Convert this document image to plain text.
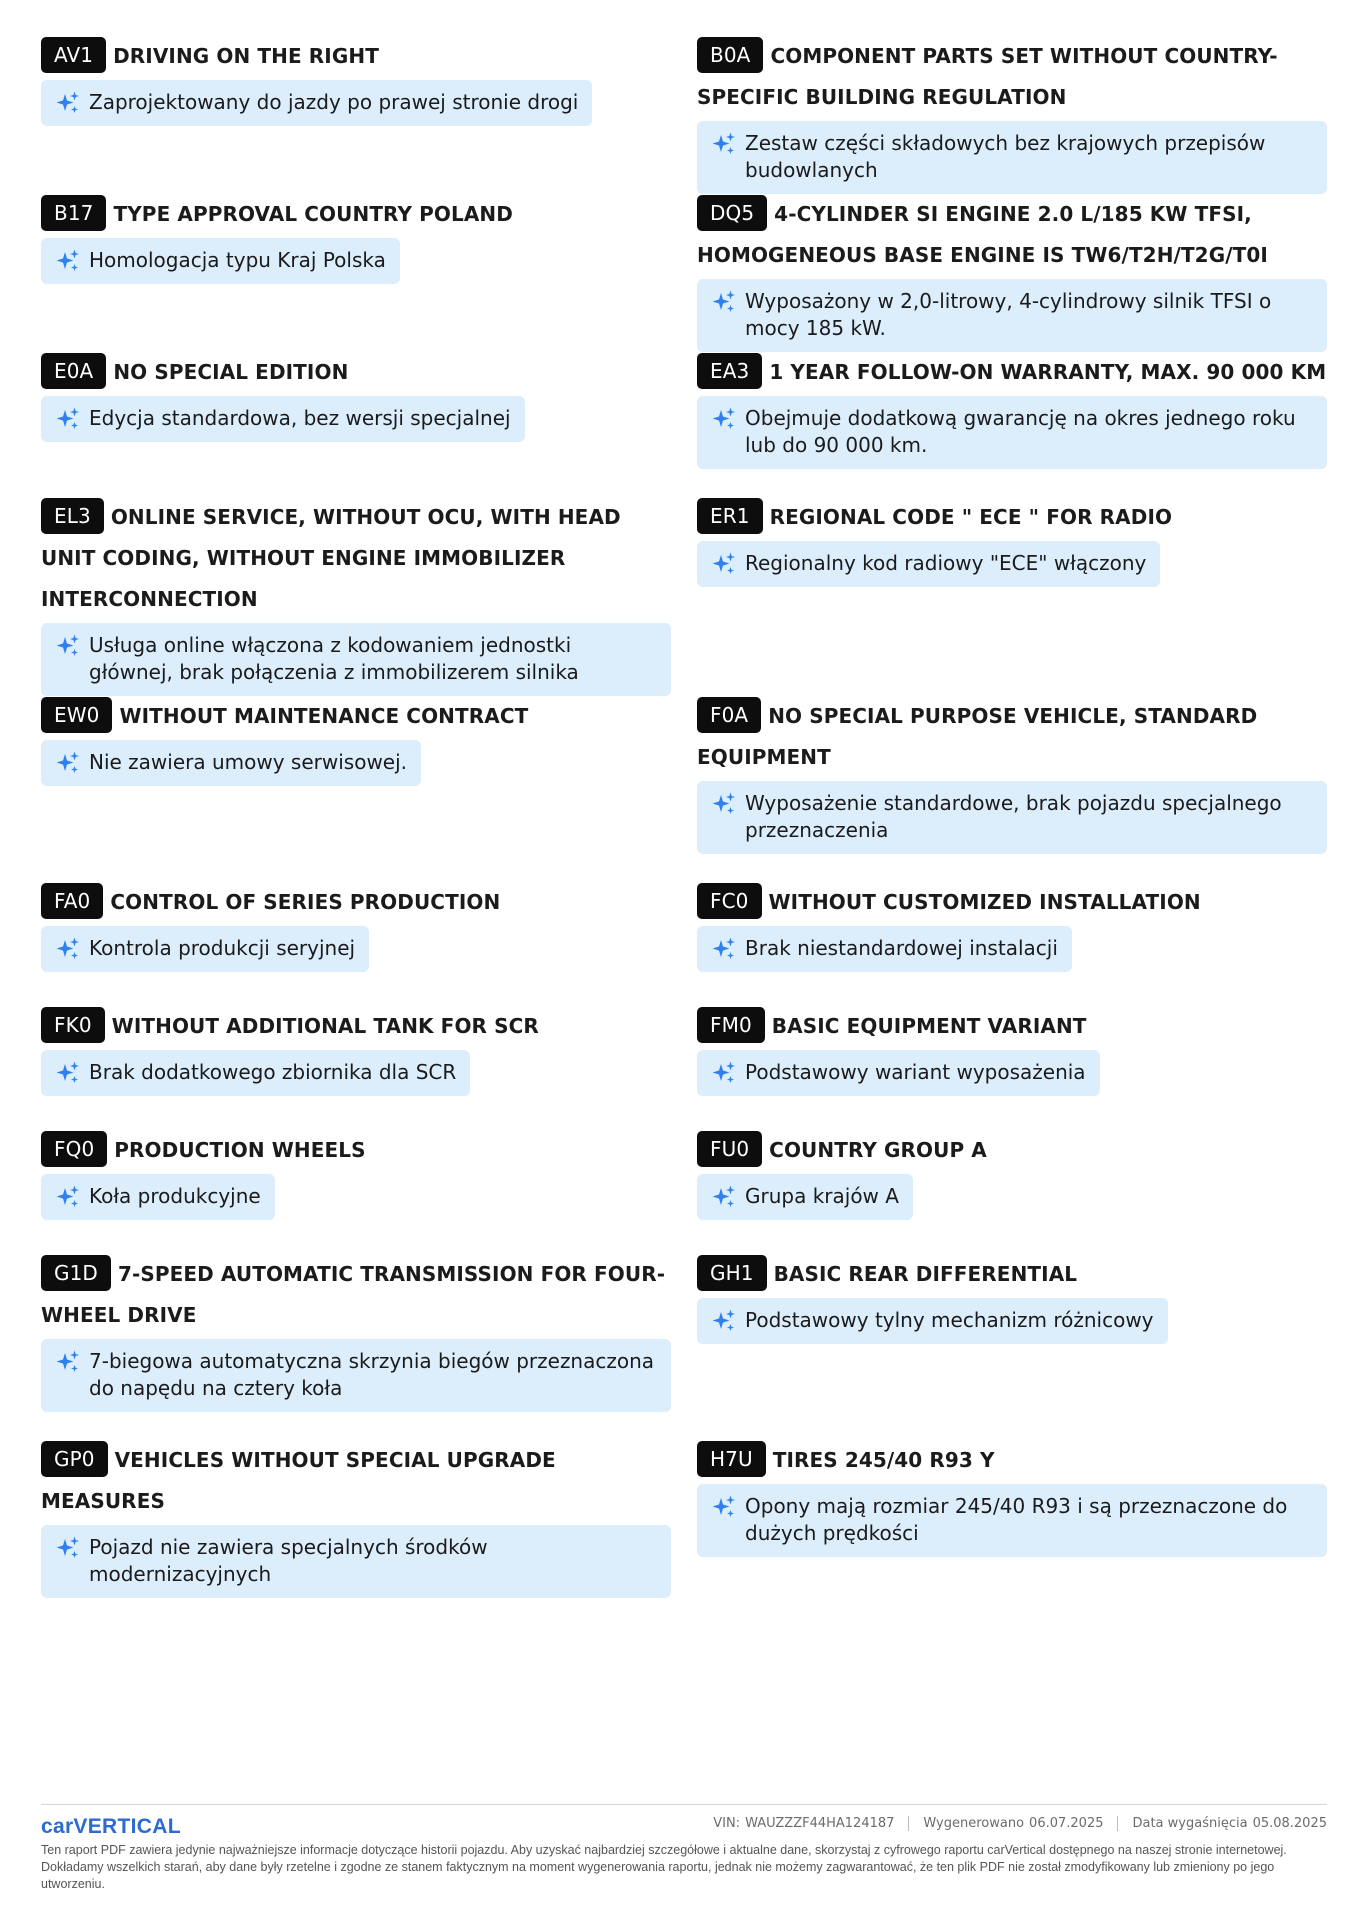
AV1 DRIVING ON THE RIGHT
Zaprojektowany do jazdy po prawej stronie drogi
B0A COMPONENT PARTS SET WITHOUT COUNTRY-SPECIFIC BUILDING REGULATION
Zestaw części składowych bez krajowych przepisów budowlanych
B17 TYPE APPROVAL COUNTRY POLAND
Homologacja typu Kraj Polska
DQ5 4-CYLINDER SI ENGINE 2.0 L/185 KW TFSI, HOMOGENEOUS BASE ENGINE IS TW6/T2H/T2G/T0I
Wyposażony w 2,0-litrowy, 4-cylindrowy silnik TFSI o mocy 185 kW.
E0A NO SPECIAL EDITION
Edycja standardowa, bez wersji specjalnej
EA3 1 YEAR FOLLOW-ON WARRANTY, MAX. 90 000 KM
Obejmuje dodatkową gwarancję na okres jednego roku lub do 90 000 km.
EL3 ONLINE SERVICE, WITHOUT OCU, WITH HEAD UNIT CODING, WITHOUT ENGINE IMMOBILIZER INTERCONNECTION
Usługa online włączona z kodowaniem jednostki głównej, brak połączenia z immobilizerem silnika
ER1 REGIONAL CODE " ECE " FOR RADIO
Regionalny kod radiowy "ECE" włączony
EW0 WITHOUT MAINTENANCE CONTRACT
Nie zawiera umowy serwisowej.
F0A NO SPECIAL PURPOSE VEHICLE, STANDARD EQUIPMENT
Wyposażenie standardowe, brak pojazdu specjalnego przeznaczenia
FA0 CONTROL OF SERIES PRODUCTION
Kontrola produkcji seryjnej
FC0 WITHOUT CUSTOMIZED INSTALLATION
Brak niestandardowej instalacji
FK0 WITHOUT ADDITIONAL TANK FOR SCR
Brak dodatkowego zbiornika dla SCR
FM0 BASIC EQUIPMENT VARIANT
Podstawowy wariant wyposażenia
FQ0 PRODUCTION WHEELS
Koła produkcyjne
FU0 COUNTRY GROUP A
Grupa krajów A
G1D 7-SPEED AUTOMATIC TRANSMISSION FOR FOUR-WHEEL DRIVE
7-biegowa automatyczna skrzynia biegów przeznaczona do napędu na cztery koła
GH1 BASIC REAR DIFFERENTIAL
Podstawowy tylny mechanizm różnicowy
GP0 VEHICLES WITHOUT SPECIAL UPGRADE MEASURES
Pojazd nie zawiera specjalnych środków modernizacyjnych
H7U TIRES 245/40 R93 Y
Opony mają rozmiar 245/40 R93 i są przeznaczone do dużych prędkości
carVERTICAL	VIN: WAUZZZF44HA124187 Wygenerowano 06.07.2025 Data wygaśnięcia 05.08.2025
Ten raport PDF zawiera jedynie najważniejsze informacje dotyczące historii pojazdu. Aby uzyskać najbardziej szczegółowe i aktualne dane, skorzystaj z cyfrowego raportu carVertical dostępnego na naszej stronie internetowej. Dokładamy wszelkich starań, aby dane były rzetelne i zgodne ze stanem faktycznym na moment wygenerowania raportu, jednak nie możemy zagwarantować, że ten plik PDF nie został zmodyfikowany lub zmieniony po jego utworzeniu.
